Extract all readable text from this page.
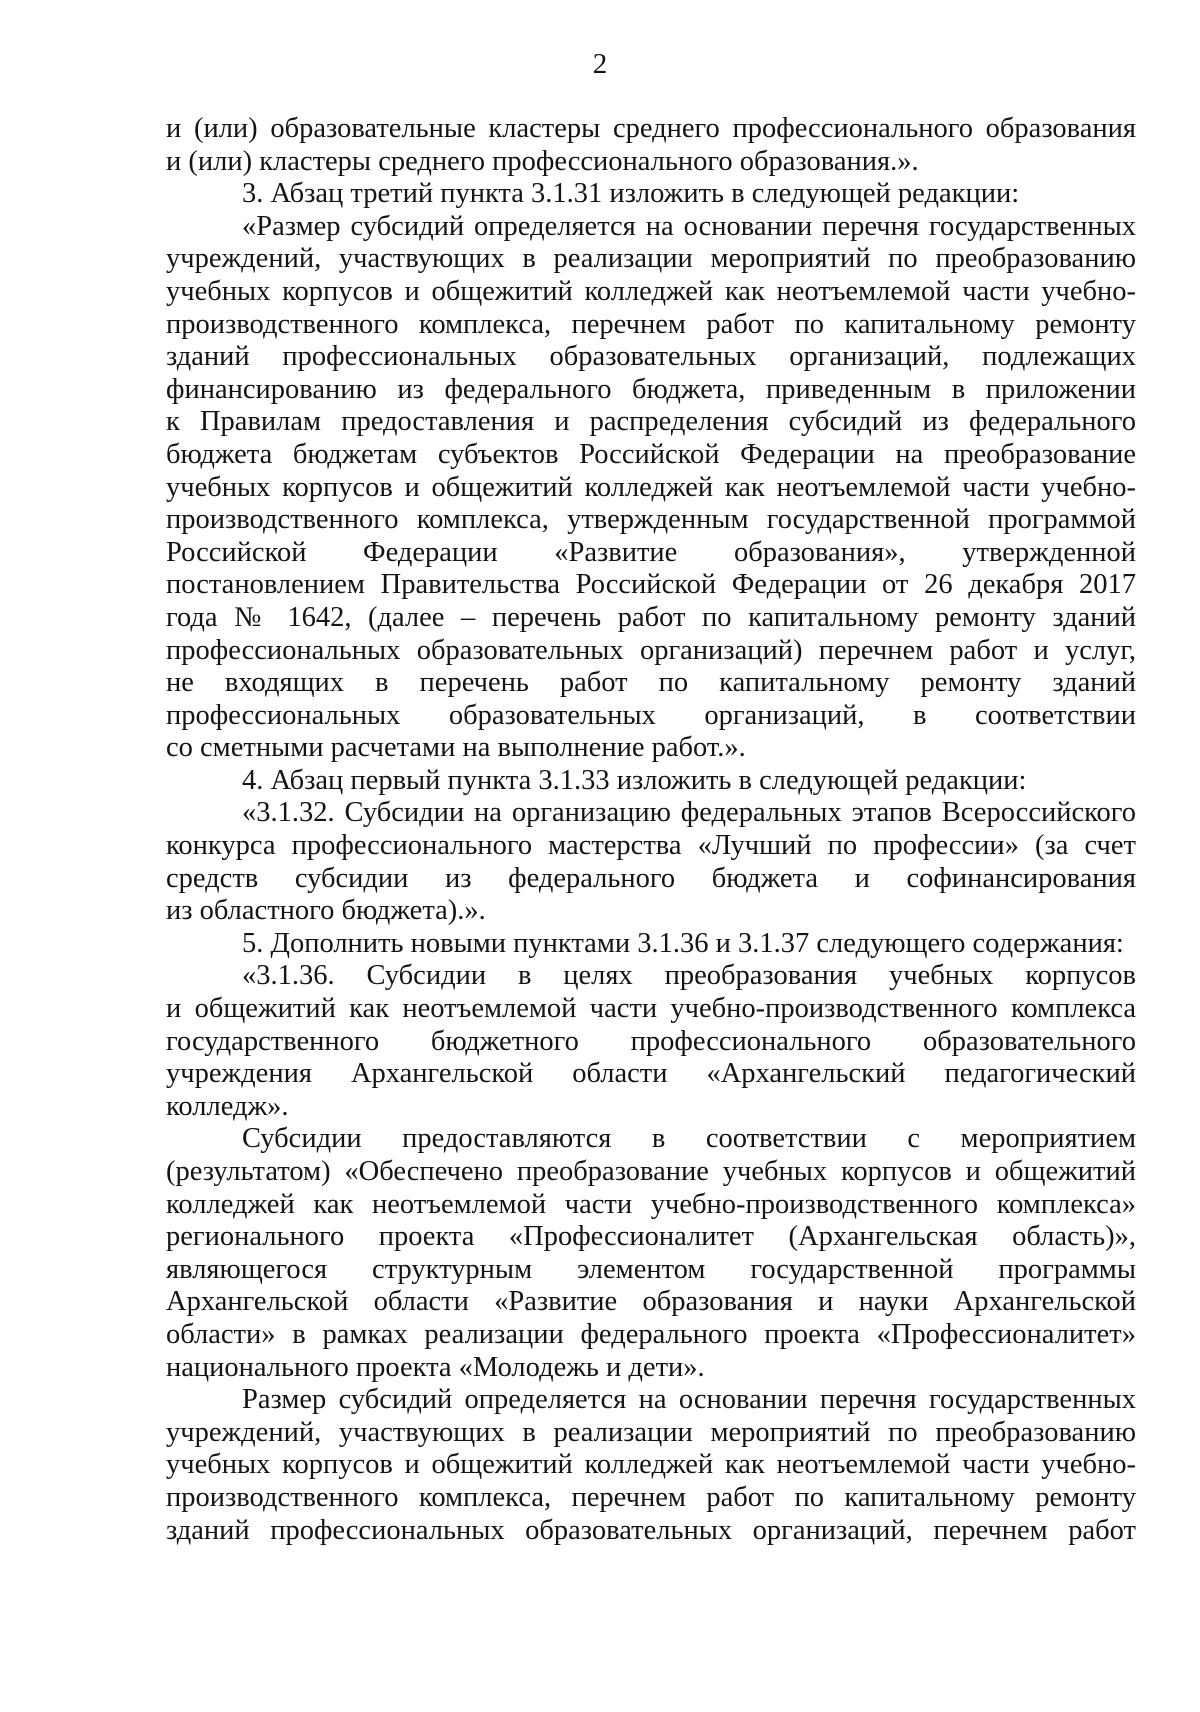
2
и (или) образовательные кластеры среднего профессионального образования
и (или) кластеры среднего профессионального образования.».
3. Абзац третий пункта 3.1.31 изложить в следующей редакции:
«Размер субсидий определяется на основании перечня государственных
учреждений, участвующих в реализации мероприятий по преобразованию
учебных корпусов и общежитий колледжей как неотъемлемой части учебно-
производственного комплекса, перечнем работ по капитальному ремонту
зданий профессиональных образовательных организаций, подлежащих
финансированию из федерального бюджета, приведенным в приложении
к Правилам предоставления и распределения субсидий из федерального
бюджета бюджетам субъектов Российской Федерации на преобразование
учебных корпусов и общежитий колледжей как неотъемлемой части учебно-
производственного комплекса, утвержденным государственной программой
Российской Федерации «Развитие образования», утвержденной
постановлением Правительства Российской Федерации от 26 декабря 2017
года № 1642, (далее – перечень работ по капитальному ремонту зданий
профессиональных образовательных организаций) перечнем работ и услуг,
не входящих в перечень работ по капитальному ремонту зданий
профессиональных образовательных организаций, в соответствии
со сметными расчетами на выполнение работ.».
4. Абзац первый пункта 3.1.33 изложить в следующей редакции:
«3.1.32. Субсидии на организацию федеральных этапов Всероссийского
конкурса профессионального мастерства «Лучший по профессии» (за счет
средств субсидии из федерального бюджета и софинансирования
из областного бюджета).».
5. Дополнить новыми пунктами 3.1.36 и 3.1.37 следующего содержания:
«3.1.36. Субсидии в целях преобразования учебных корпусов
и общежитий как неотъемлемой части учебно-производственного комплекса
государственного бюджетного профессионального образовательного
учреждения Архангельской области «Архангельский педагогический
колледж».
Субсидии предоставляются в соответствии с мероприятием
(результатом) «Обеспечено преобразование учебных корпусов и общежитий
колледжей как неотъемлемой части учебно-производственного комплекса»
регионального проекта «Профессионалитет (Архангельская область)»,
являющегося структурным элементом государственной программы
Архангельской области «Развитие образования и науки Архангельской
области» в рамках реализации федерального проекта «Профессионалитет»
национального проекта «Молодежь и дети».
Размер субсидий определяется на основании перечня государственных
учреждений, участвующих в реализации мероприятий по преобразованию
учебных корпусов и общежитий колледжей как неотъемлемой части учебно-
производственного комплекса, перечнем работ по капитальному ремонту
зданий профессиональных образовательных организаций, перечнем работ
